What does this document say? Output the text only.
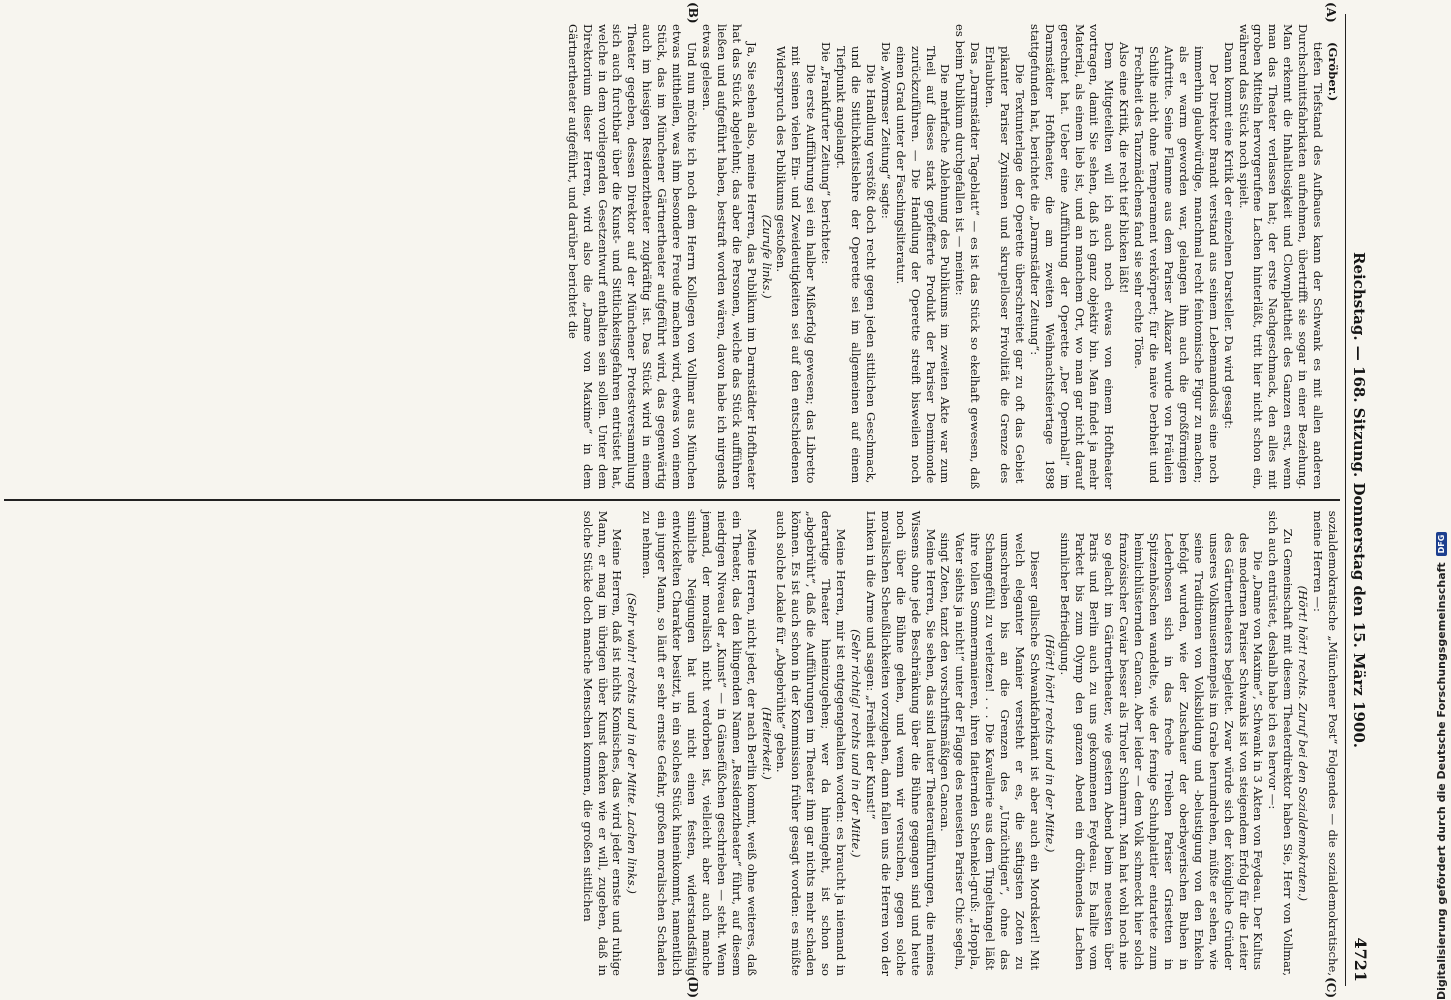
Reichstag. — 168. Sitzung. Donnerstag den 15. März 1900.
4721
(A)
(B)

(Gröber.)

tiefen Tiefstand des Aufbaues kann der Schwank es mit allen anderen Durchschnittsfabrikaten aufnehmen, übertrifft sie sogar in einer Beziehung. Man erkennt die Inhaltlosigkeit und Clownplattheit des Ganzen erst, wenn man das Theater verlassen hat; der erste Nachgeschmack, den alles mit groben Mitteln hervorgerufene Lachen hinterläßt, tritt hier nicht schon ein, während das Stück noch spielt.

Dann kommt eine Kritik der einzelnen Darsteller. Da wird gesagt:

Der Direktor Brandt verstand aus seinem Lebemanndosis eine noch immerhin glaubwürdige, manchmal recht feintomische Figur zu machen; als er warm geworden war, gelangen ihm auch die großförmigen Auftritte. Seine Flamme aus dem Pariser Alkazar wurde von Fräulein Schilte nicht ohne Temperament verkörpert; für die naive Derbheit und Frechheit des Tanzmädchens fand sie sehr echte Töne.

Also eine Kritik, die recht tief blicken läßt!

Dem Mitgeteilten will ich auch noch etwas von einem Hoftheater vortragen, damit Sie sehen, daß ich ganz objektiv bin. Man findet ja mehr Material, als einem lieb ist, und an manchem Ort, wo man gar nicht darauf gerechnet hat. Ueber eine Aufführung der Operette „Der Opernball“ im Darmstädter Hoftheater, die am zweiten Weihnachtsfeiertage 1898 stattgefunden hat, berichtet die „Darmstädter Zeitung“:

Die Textunterlage der Operette überschreitet gar zu oft das Gebiet pikanter Pariser Zynismen und skrupelloser Frivolität die Grenze des Erlaubten.

Das „Darmstädter Tageblatt“ — es ist das Stück so ekelhaft gewesen, daß es beim Publikum durchgefallen ist — meinte:

Die mehrfache Ablehnung des Publikums im zweiten Akte war zum Theil auf dieses stark gepfefferte Produkt der Pariser Demimonde zurückzuführen. — Die Handlung der Operette streift bisweilen noch einen Grad unter der Faschingsliteratur.

Die „Wormser Zeitung“ sagte:

Die Handlung verstößt doch recht gegen jeden sittlichen Geschmack, und die Sittlichkeitslehre der Operette sei im allgemeinen auf einem Tiefpunkt angelangt.

Die „Frankfurter Zeitung“ berichtete:

Die erste Aufführung sei ein halber Mißerfolg gewesen; das Libretto mit seinen vielen Ein- und Zweideutigkeiten sei auf den entschiedenen Widerspruch des Publikums gestoßen.

(Zurufe links.)

Ja, Sie sehen also, meine Herren, das Publikum im Darmstädter Hoftheater hat das Stück abgelehnt; das aber die Personen, welche das Stück aufführen ließen und aufgeführt haben, bestraft worden wären, davon habe ich nirgends etwas gelesen.

Und nun möchte ich noch dem Herrn Kollegen von Vollmar aus München etwas mittheilen, was ihm besondere Freude machen wird, etwas von einem Stück, das im Münchener Gärtnertheater aufgeführt wird, das gegenwärtig auch im hiesigen Residenztheater zugkräftig ist. Das Stück wird in einem Theater gegeben, dessen Direktor auf der Münchener Protestversammlung sich auch furchtbar über die Kunst- und Sittlichkeitsgefahren entrüstet hat, welche in dem vorliegenden Gesetzentwurf enthalten sein sollen. Unter dem Direktorium dieser Herren, wird also die „Dame von Maxime“ in dem Gärtnertheater aufgeführt, und darüber berichtet die

(C)
(D)

sozialdemokratische „Münchener Post“ Folgendes — die sozialdemokratische, meine Herren —:

(Hört! hört! rechts. Zuruf bei den Sozialdemokraten.)

Zu Gemeinschaft mit diesem Theaterdirektor haben Sie, Herr von Vollmar, sich auch entrüstet, deshalb habe ich es hervor —:

Die „Dame von Maxime“, Schwank in 3 Akten von Feydeau. Der Kultus des modernen Pariser Schwanks ist von steigendem Erfolg für die Leiter des Gärtnertheaters begleitet. Zwar würde sich der königliche Gründer unseres Volksmusentempels im Grabe herumdrehen, müßte er sehen, wie seine Traditionen von Volksbildung und -belustigung von den Enkeln befolgt wurden, wie der Zuschauer der oberbayerischen Buben in Lederhosen sich in das freche Treiben Pariser Grisetten in Spitzenhöschen wandelte, wie der fernige Schuhplattler entartete zum heimlichlüsternden Cancan. Aber leider — dem Volk schmeckt hier solch französischer Caviar besser als Tiroler Schmarrn. Man hat wohl noch nie so gelacht im Gärtnertheater, wie gestern Abend beim neuesten über Paris und Berlin auch zu uns gekommenen Feydeau. Es hallte vom Parkett bis zum Olymp den ganzen Abend ein dröhnendes Lachen sinnlicher Befriedigung.

(Hört! hört! rechts und in der Mitte.)

Dieser gallische Schwankfabrikant ist aber auch ein Mordskerl! Mit welch eleganter Manier versteht er es, die saftigsten Zoten zu umschreiben bis an die Grenzen des „Unzüchtigen“, ohne das Schamgefühl zu verletzen! . . . Die Kavallerie aus dem Tingeltangel läßt ihre tollen Sommermanieren, ihren flatternden Schenkel-gruß: „Hoppla, Vater siehts ja nicht!“ unter der Flagge des neuesten Pariser Chic segeln, singt Zoten, tanzt den vorschriftsmäßigen Cancan.

Meine Herren, Sie sehen, das sind lauter Theateraufführungen, die meines Wissens ohne jede Beschränkung über die Bühne gegangen sind und heute noch über die Bühne gehen, und wenn wir versuchen, gegen solche moralischen Scheußlichkeiten vorzugehen, dann fallen uns die Herren von der Linken in die Arme und sagen: „Freiheit der Kunst!“

(Sehr richtig! rechts und in der Mitte.)

Meine Herren, mir ist entgegengehalten worden: es braucht ja niemand in derartige Theater hineinzugehen; wer da hineingeht, ist schon so „abgebrüht“, daß die Aufführungen im Theater ihm gar nichts mehr schaden können. Es ist auch schon in der Kommission früher gesagt worden: es müßte auch solche Lokale für „Abgebrühte“ geben.

(Heiterkeit.)

Meine Herren, nicht jeder, der nach Berlin kommt, weiß ohne weiteres, daß ein Theater, das den klingenden Namen „Residenztheater“ führt, auf diesem niedrigen Niveau der „Kunst“ — in Gänsefüßchen geschrieben — steht. Wenn jemand, der moralisch nicht verdorben ist, vielleicht aber auch manche sinnliche Neigungen hat und nicht einen festen, widerstandsfähig entwickelten Charakter besitzt, in ein solches Stück hineinkommt, namentlich ein junger Mann, so läuft er sehr ernste Gefahr, großen moralischen Schaden zu nehmen.

(Sehr wahr! rechts und in der Mitte. Lachen links.)

Meine Herren, daß ist nichts Komisches, das wird jeder ernste und ruhige Mann, er mag im übrigen über Kunst denken wie er will, zugeben, daß in solche Stücke doch manche Menschen kommen, die großen sittlichen	Digitalisierung gefördert durch die Deutsche Forschungsgemeinschaft
DFG
